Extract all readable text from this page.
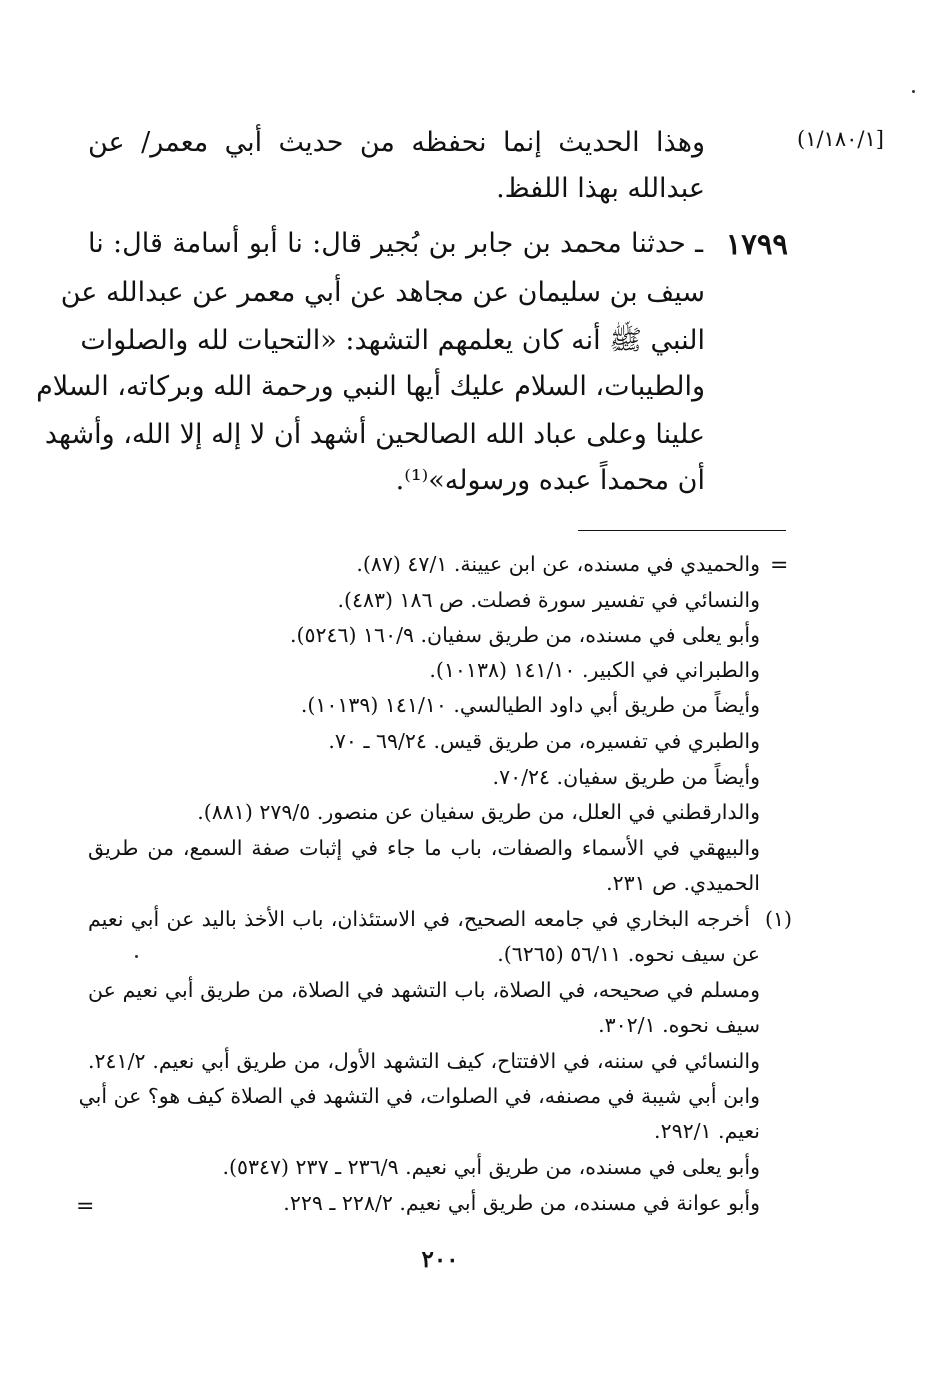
(١/١٨٠/١]
وهذا الحديث إنما نحفظه من حديث أبي معمر/ عن
عبدالله بهذا اللفظ.
١٧٩٩
ـ حدثنا محمد بن جابر بن بُجير قال: نا أبو أسامة قال: نا
سيف بن سليمان عن مجاهد عن أبي معمر عن عبدالله عن
النبي ﷺ أنه كان يعلمهم التشهد: «التحيات لله والصلوات
والطيبات، السلام عليك أيها النبي ورحمة الله وبركاته، السلام
علينا وعلى عباد الله الصالحين أشهد أن لا إله إلا الله، وأشهد
أن محمداً عبده ورسوله»⁽¹⁾.
=
والحميدي في مسنده، عن ابن عيينة. ٤٧/١ (٨٧).
والنسائي في تفسير سورة فصلت. ص ١٨٦ (٤٨٣).
وأبو يعلى في مسنده، من طريق سفيان. ١٦٠/٩ (٥٢٤٦).
والطبراني في الكبير. ١٤١/١٠ (١٠١٣٨).
وأيضاً من طريق أبي داود الطيالسي. ١٤١/١٠ (١٠١٣٩).
والطبري في تفسيره، من طريق قيس. ٦٩/٢٤ ـ ٧٠.
وأيضاً من طريق سفيان. ٧٠/٢٤.
والدارقطني في العلل، من طريق سفيان عن منصور. ٢٧٩/٥ (٨٨١).
والبيهقي في الأسماء والصفات، باب ما جاء في إثبات صفة السمع، من طريق
الحميدي. ص ٢٣١.
(١)
أخرجه البخاري في جامعه الصحيح، في الاستئذان، باب الأخذ باليد عن أبي نعيم
عن سيف نحوه. ٥٦/١١ (٦٢٦٥).
ومسلم في صحيحه، في الصلاة، باب التشهد في الصلاة، من طريق أبي نعيم عن
سيف نحوه. ٣٠٢/١.
والنسائي في سننه، في الافتتاح، كيف التشهد الأول، من طريق أبي نعيم. ٢٤١/٢.
وابن أبي شيبة في مصنفه، في الصلوات، في التشهد في الصلاة كيف هو؟ عن أبي
نعيم. ٢٩٢/١.
وأبو يعلى في مسنده، من طريق أبي نعيم. ٢٣٦/٩ ـ ٢٣٧ (٥٣٤٧).
وأبو عوانة في مسنده، من طريق أبي نعيم. ٢٢٨/٢ ـ ٢٢٩.
=
٢٠٠
